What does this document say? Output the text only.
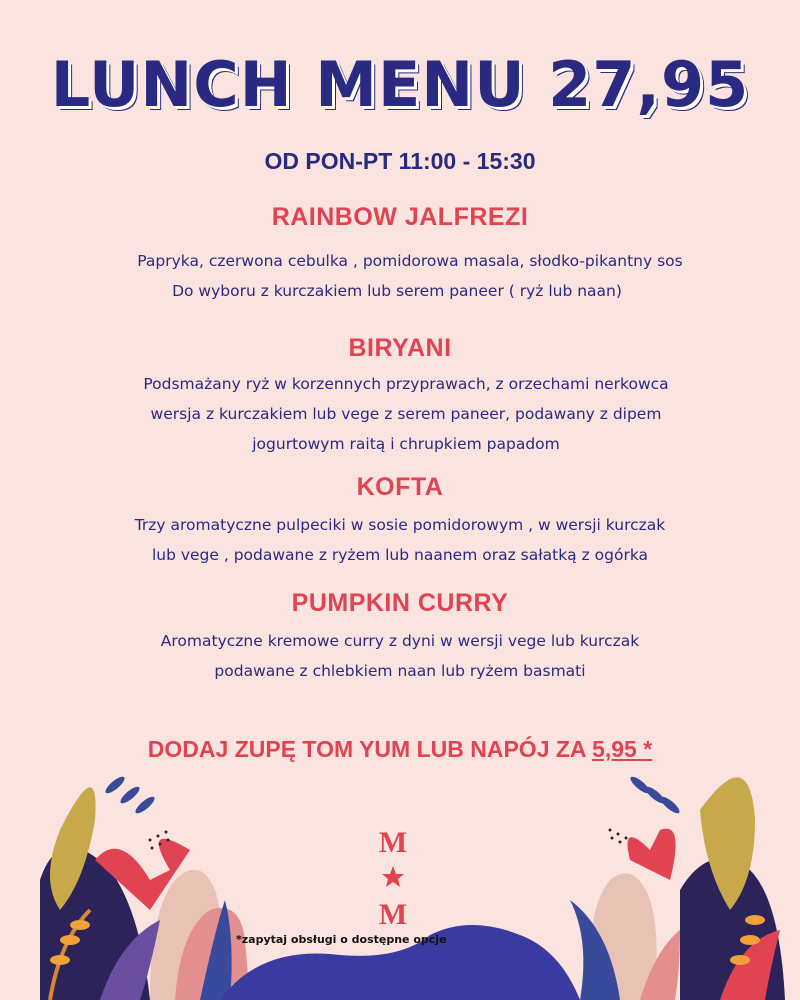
LUNCH MENU 27,95
OD PON-PT 11:00 - 15:30
RAINBOW JALFREZI
Papryka, czerwona cebulka , pomidorowa masala, słodko-pikantny sos
Do wyboru z kurczakiem lub serem paneer ( ryż lub naan)
BIRYANI
Podsmażany ryż w korzennych przyprawach, z orzechami nerkowca
wersja z kurczakiem lub vege z serem paneer, podawany z dipem
jogurtowym raitą i chrupkiem papadom
KOFTA
Trzy aromatyczne pulpeciki w sosie pomidorowym , w wersji kurczak
lub vege , podawane z ryżem lub naanem oraz sałatką z ogórka
PUMPKIN CURRY
Aromatyczne kremowe curry z dyni w wersji vege lub kurczak
podawane z chlebkiem naan lub ryżem basmati
DODAJ ZUPĘ TOM YUM LUB NAPÓJ ZA 5,95 *
M
M
*zapytaj obsługi o dostępne opcje
